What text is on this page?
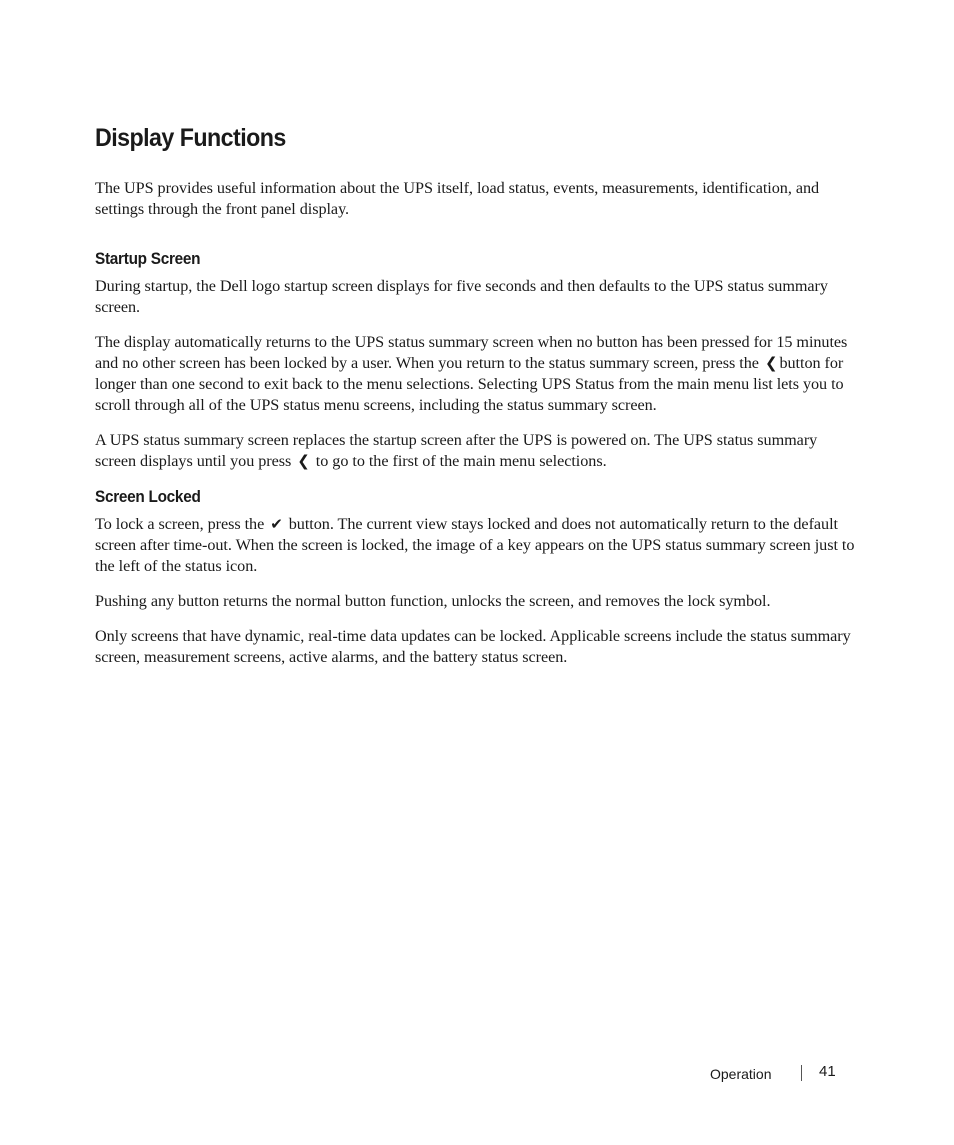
Display Functions

The UPS provides useful information about the UPS itself, load status, events, measurements, identification, and settings through the front panel display.

Startup Screen

During startup, the Dell logo startup screen displays for five seconds and then defaults to the UPS status summary screen.

The display automatically returns to the UPS status summary screen when no button has been pressed for 15 minutes and no other screen has been locked by a user. When you return to the status summary screen, press the ❮ button for longer than one second to exit back to the menu selections. Selecting UPS Status from the main menu list lets you to scroll through all of the UPS status menu screens, including the status summary screen.

A UPS status summary screen replaces the startup screen after the UPS is powered on. The UPS status summary screen displays until you press ❮ to go to the first of the main menu selections.

Screen Locked

To lock a screen, press the ✔ button. The current view stays locked and does not automatically return to the default screen after time-out. When the screen is locked, the image of a key appears on the UPS status summary screen just to the left of the status icon.

Pushing any button returns the normal button function, unlocks the screen, and removes the lock symbol.

Only screens that have dynamic, real-time data updates can be locked. Applicable screens include the status summary screen, measurement screens, active alarms, and the battery status screen.

Operation	41
